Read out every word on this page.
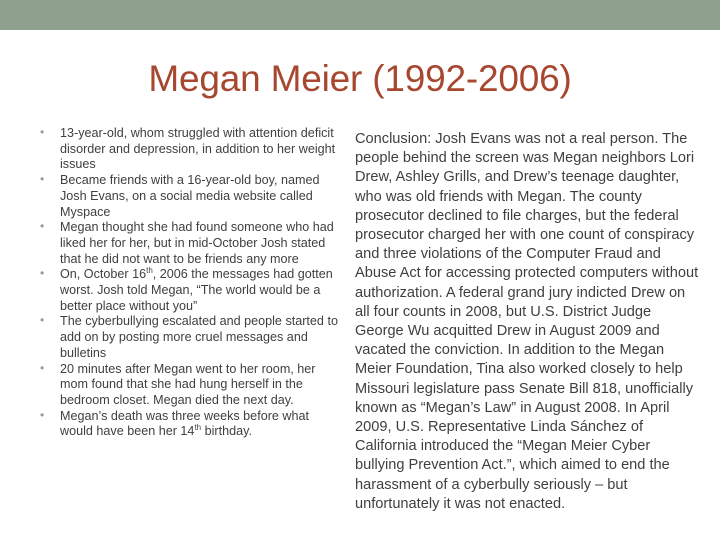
Megan Meier (1992-2006)
• 13-year-old, whom struggled with attention deficit disorder and depression, in addition to her weight issues
• Became friends with a 16-year-old boy, named Josh Evans, on a social media website called Myspace
• Megan thought she had found someone who had liked her for her, but in mid-October Josh stated that he did not want to be friends any more
• On, October 16th, 2006 the messages had gotten worst. Josh told Megan, “The world would be a better place without you”
• The cyberbullying escalated and people started to add on by posting more cruel messages and bulletins
• 20 minutes after Megan went to her room, her mom found that she had hung herself in the bedroom closet. Megan died the next day.
• Megan’s death was three weeks before what would have been her 14th birthday.

Conclusion: Josh Evans was not a real person. The people behind the screen was Megan neighbors Lori Drew, Ashley Grills, and Drew’s teenage daughter, who was old friends with Megan. The county prosecutor declined to file charges, but the federal prosecutor charged her with one count of conspiracy and three violations of the Computer Fraud and Abuse Act for accessing protected computers without authorization. A federal grand jury indicted Drew on all four counts in 2008, but U.S. District Judge George Wu acquitted Drew in August 2009 and vacated the conviction. In addition to the Megan Meier Foundation, Tina also worked closely to help Missouri legislature pass Senate Bill 818, unofficially known as “Megan’s Law” in August 2008. In April 2009, U.S. Representative Linda Sánchez of California introduced the “Megan Meier Cyber bullying Prevention Act.”, which aimed to end the harassment of a cyberbully seriously – but unfortunately it was not enacted.
